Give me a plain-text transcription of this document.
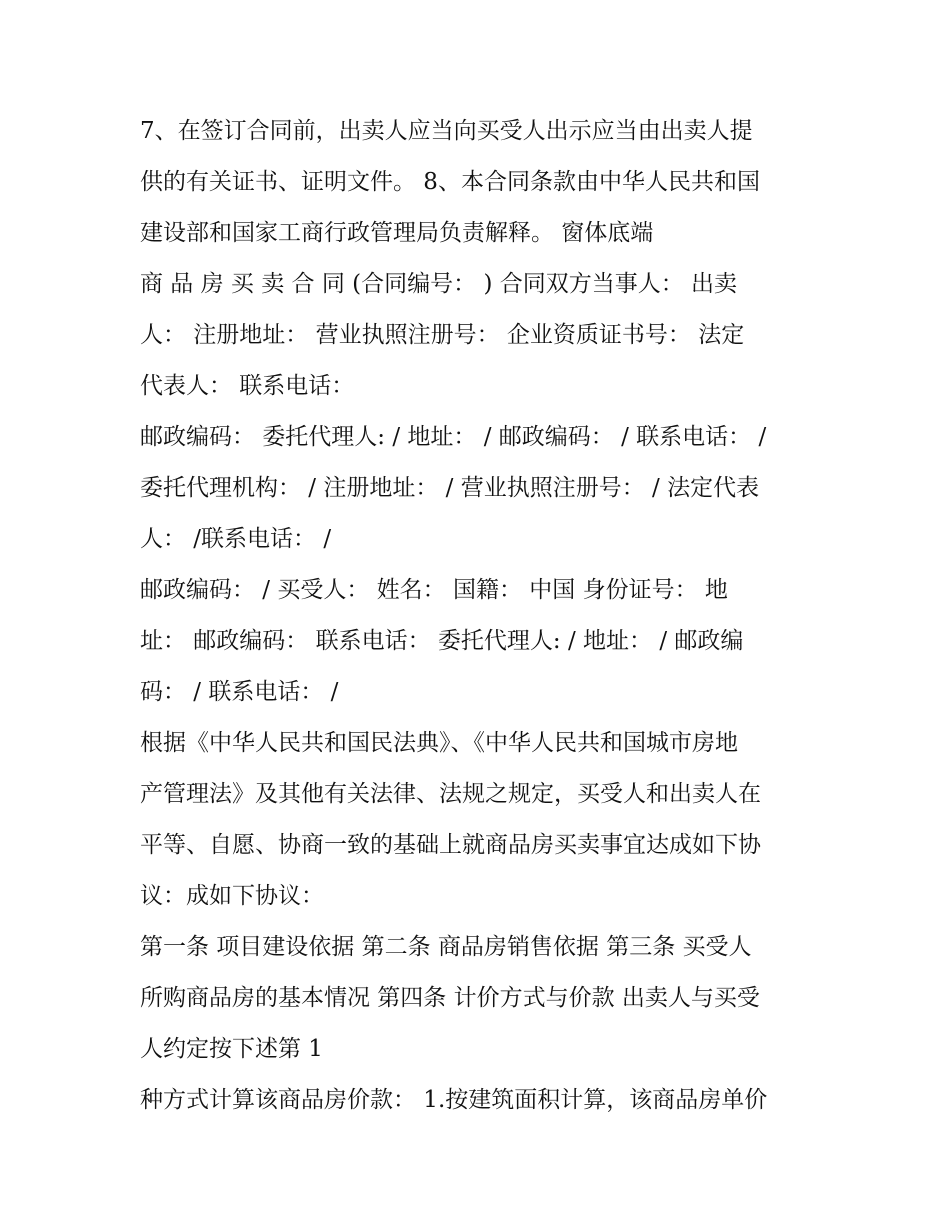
7、在签订合同前，出卖人应当向买受人出示应当由出卖人提
供的有关证书、证明文件。 8、本合同条款由中华人民共和国
建设部和国家工商行政管理局负责解释。 窗体底端
商 品 房 买 卖 合 同 (合同编号： ) 合同双方当事人： 出卖
人： 注册地址： 营业执照注册号： 企业资质证书号： 法定
代表人： 联系电话：
邮政编码： 委托代理人: / 地址： / 邮政编码： / 联系电话： /
委托代理机构： / 注册地址： / 营业执照注册号： / 法定代表
人： /联系电话： /
邮政编码： / 买受人： 姓名： 国籍： 中国 身份证号： 地
址： 邮政编码： 联系电话： 委托代理人: / 地址： / 邮政编
码： / 联系电话： /
根据《中华人民共和国民法典》、《中华人民共和国城市房地
产管理法》及其他有关法律、法规之规定，买受人和出卖人在
平等、自愿、协商一致的基础上就商品房买卖事宜达成如下协
议：成如下协议：
第一条 项目建设依据 第二条 商品房销售依据 第三条 买受人
所购商品房的基本情况 第四条 计价方式与价款 出卖人与买受
人约定按下述第 1
种方式计算该商品房价款： 1.按建筑面积计算，该商品房单价
